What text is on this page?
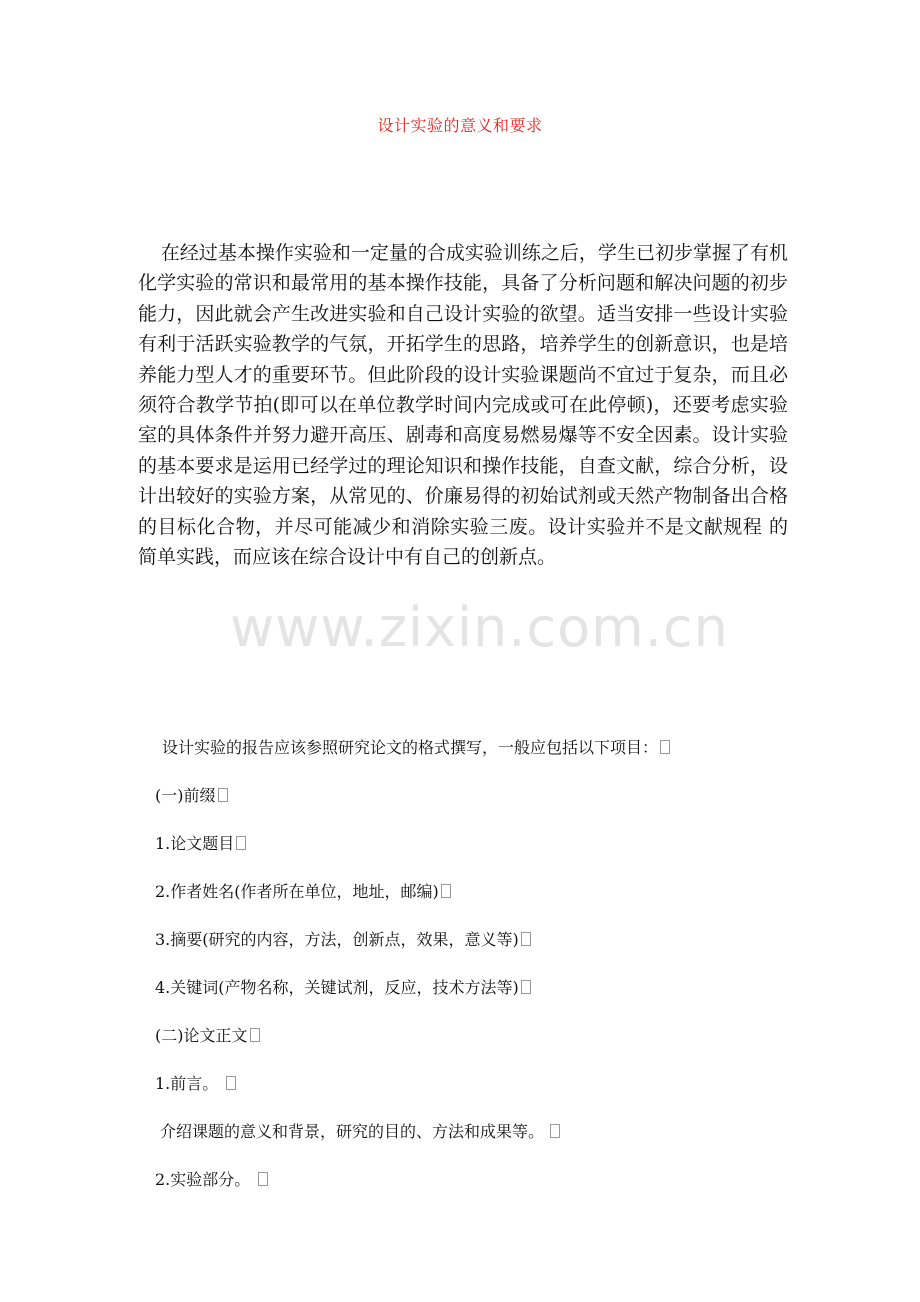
设计实验的意义和要求

在经过基本操作实验和一定量的合成实验训练之后，学生已初步掌握了有机化学实验的常识和最常用的基本操作技能，具备了分析问题和解决问题的初步能力，因此就会产生改进实验和自己设计实验的欲望。适当安排一些设计实验有利于活跃实验教学的气氛，开拓学生的思路，培养学生的创新意识，也是培养能力型人才的重要环节。但此阶段的设计实验课题尚不宜过于复杂，而且必须符合教学节拍(即可以在单位教学时间内完成或可在此停顿)，还要考虑实验室的具体条件并努力避开高压、剧毒和高度易燃易爆等不安全因素。设计实验的基本要求是运用已经学过的理论知识和操作技能，自查文献，综合分析，设计出较好的实验方案，从常见的、价廉易得的初始试剂或天然产物制备出合格的目标化合物，并尽可能减少和消除实验三废。设计实验并不是文献规程 的简单实践，而应该在综合设计中有自己的创新点。

www.zixin.com.cn
设计实验的报告应该参照研究论文的格式撰写，一般应包括以下项目：
(一)前缀
1.论文题目
2.作者姓名(作者所在单位，地址，邮编)
3.摘要(研究的内容，方法，创新点，效果，意义等)
4.关键词(产物名称，关键试剂，反应，技术方法等)
(二)论文正文
1.前言。
介绍课题的意义和背景，研究的目的、方法和成果等。
2.实验部分。
